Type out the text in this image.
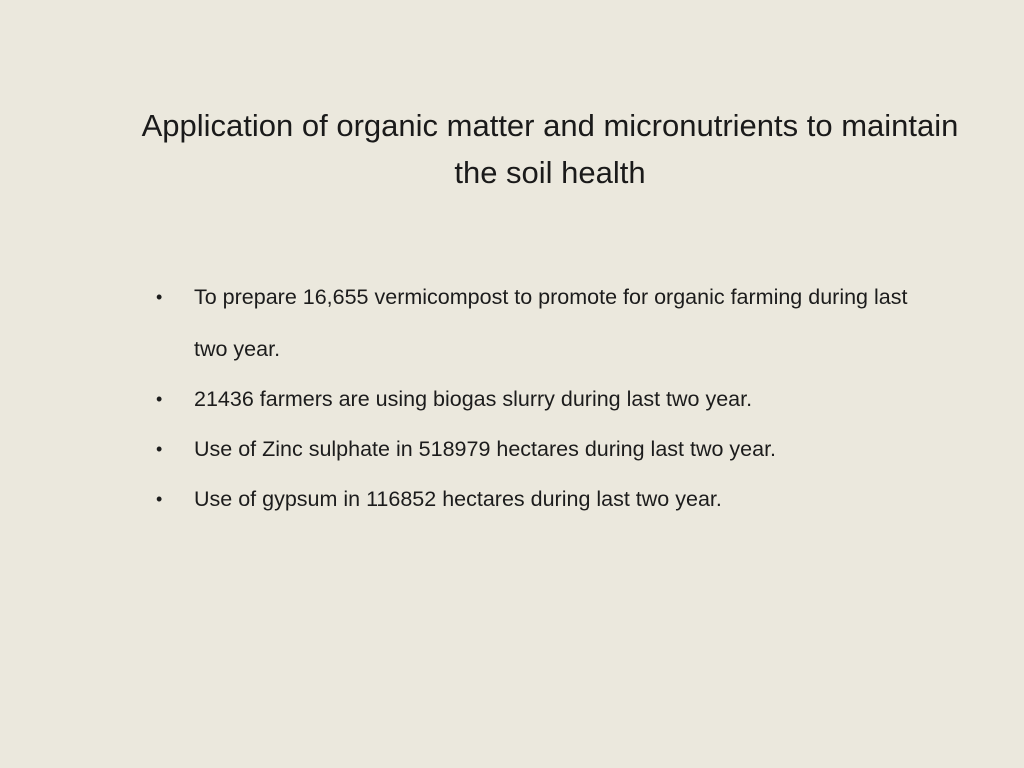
Application of organic matter and micronutrients to maintain the soil health
• To prepare 16,655 vermicompost to promote for organic farming during last two year.
• 21436 farmers are using biogas slurry during last two year.
• Use of Zinc sulphate in 518979 hectares during last two year.
• Use of gypsum in 116852 hectares during last two year.
